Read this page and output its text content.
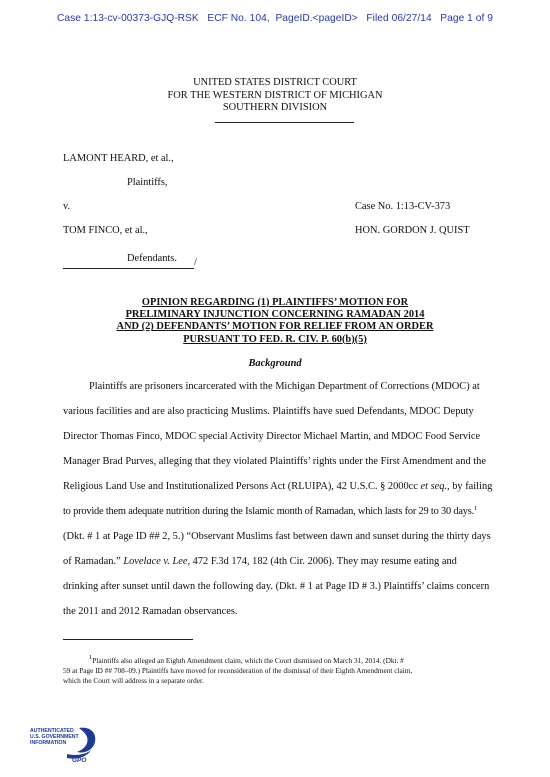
Case 1:13-cv-00373-GJQ-RSK   ECF No. 104,  PageID.<pageID>   Filed 06/27/14   Page 1 of 9
UNITED STATES DISTRICT COURT
FOR THE WESTERN DISTRICT OF MICHIGAN
SOUTHERN DIVISION
LAMONT HEARD, et al.,
Plaintiffs,
v.	Case No. 1:13-CV-373
TOM FINCO, et al.,	HON. GORDON J. QUIST
Defendants. /
OPINION REGARDING (1) PLAINTIFFS’ MOTION FOR
PRELIMINARY INJUNCTION CONCERNING RAMADAN 2014
AND (2) DEFENDANTS’ MOTION FOR RELIEF FROM AN ORDER
PURSUANT TO FED. R. CIV. P. 60(b)(5)
Background
Plaintiffs are prisoners incarcerated with the Michigan Department of Corrections (MDOC) at
various facilities and are also practicing Muslims. Plaintiffs have sued Defendants, MDOC Deputy
Director Thomas Finco, MDOC special Activity Director Michael Martin, and MDOC Food Service
Manager Brad Purves, alleging that they violated Plaintiffs’ rights under the First Amendment and the
Religious Land Use and Institutionalized Persons Act (RLUIPA), 42 U.S.C. § 2000cc et seq., by failing
to provide them adequate nutrition during the Islamic month of Ramadan, which lasts for 29 to 30 days.$^1$
(Dkt. # 1 at Page ID ## 2, 5.) “Observant Muslims fast between dawn and sunset during the thirty days
of Ramadan.” Lovelace v. Lee, 472 F.3d 174, 182 (4th Cir. 2006). They may resume eating and
drinking after sunset until dawn the following day. (Dkt. # 1 at Page ID # 3.) Plaintiffs’ claims concern
the 2011 and 2012 Ramadan observances.
$^1$Plaintiffs also alleged an Eighth Amendment claim, which the Court dismissed on March 31, 2014. (Dkt. #
59 at Page ID ## 708–09.) Plaintiffs have moved for reconsideration of the dismissal of their Eighth Amendment claim,
which the Court will address in a separate order.
AUTHENTICATED
U.S. GOVERNMENT
INFORMATION
GPO
